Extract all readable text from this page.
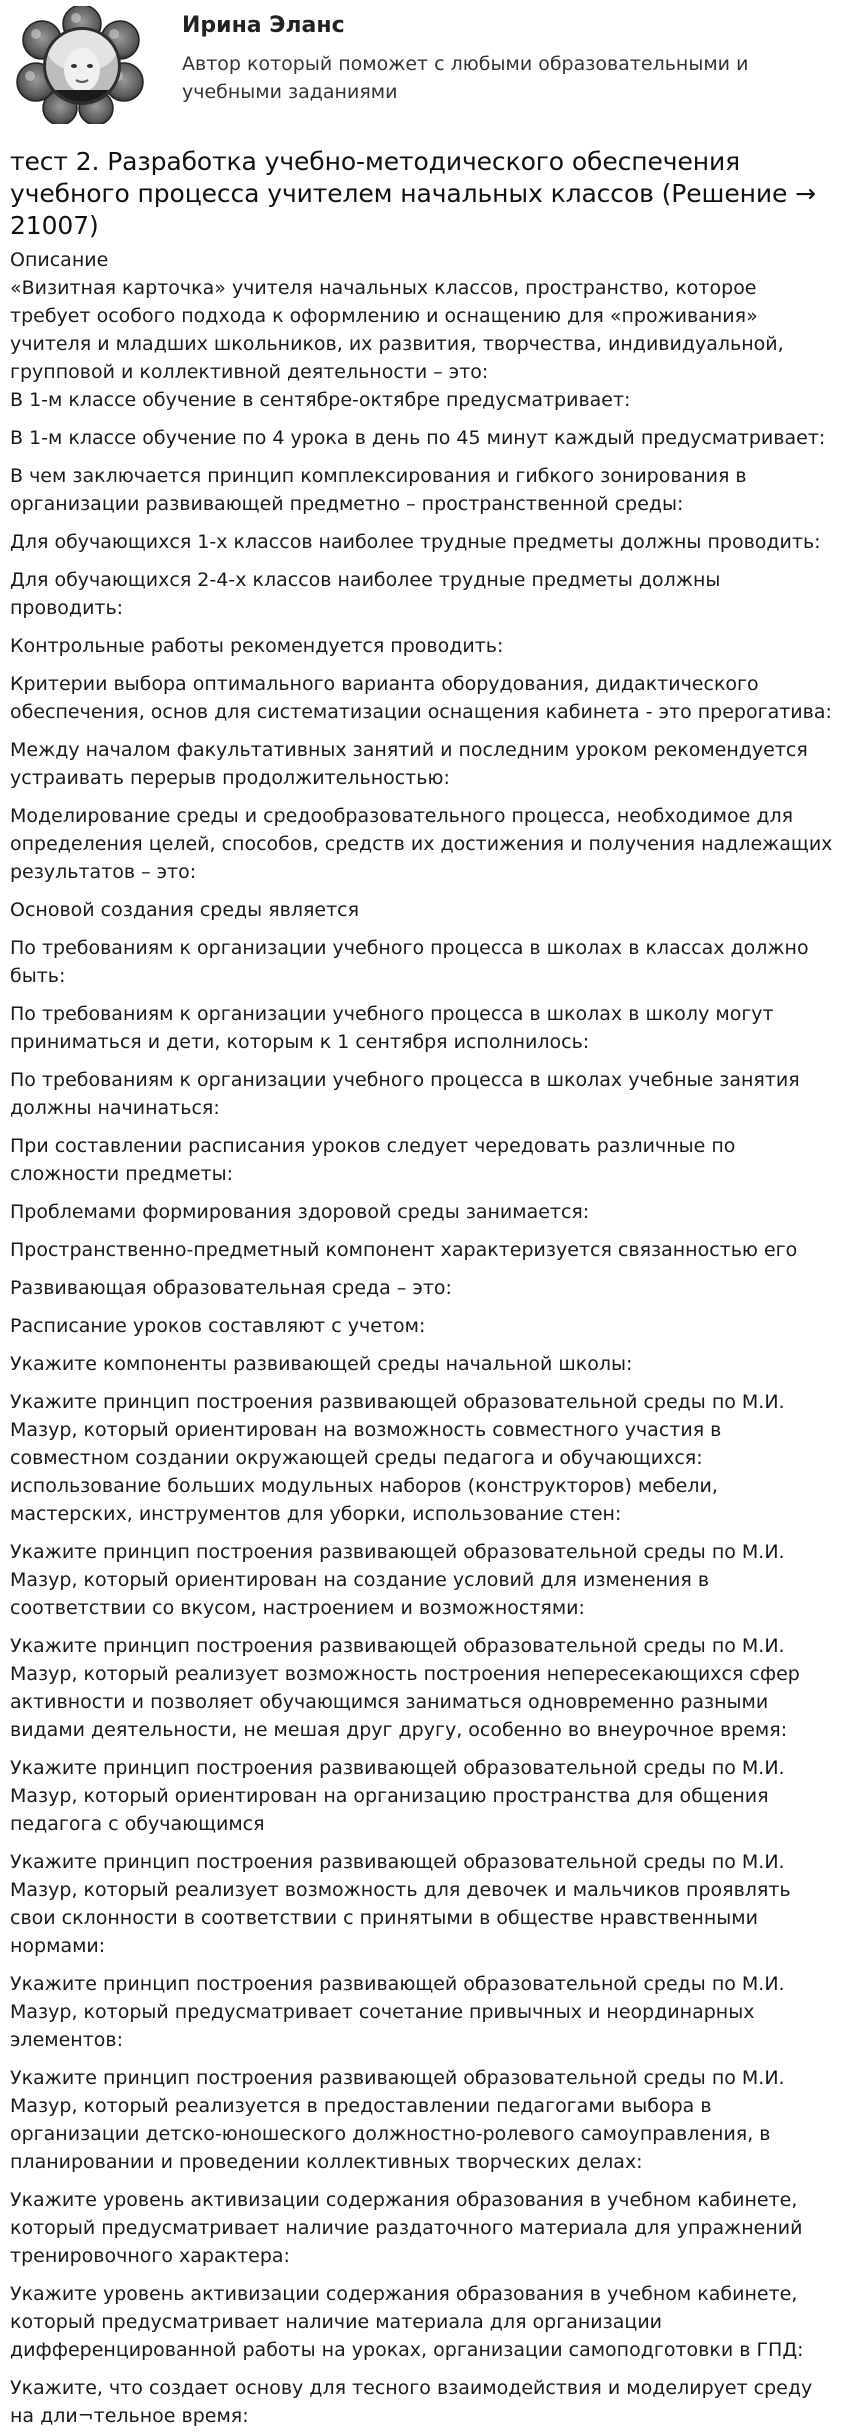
Ирина Эланс
Автор который поможет с любыми образовательными и учебными заданиями
тест 2. Разработка учебно-методического обеспечения учебного процесса учителем начальных классов (Решение → 21007)
Описание

«Визитная карточка» учителя начальных классов, пространство, которое требует особого подхода к оформлению и оснащению для «проживания» учителя и младших школьников, их развития, творчества, индивидуальной, групповой и коллективной деятельности – это:

В 1-м классе обучение в сентябре-октябре предусматривает:

В 1-м классе обучение по 4 урока в день по 45 минут каждый предусматривает:

В чем заключается принцип комплексирования и гибкого зонирования в организации развивающей предметно – пространственной среды:

Для обучающихся 1-х классов наиболее трудные предметы должны проводить:

Для обучающихся 2-4-х классов наиболее трудные предметы должны проводить:

Контрольные работы рекомендуется проводить:

Критерии выбора оптимального варианта оборудования, дидактического обеспечения, основ для систематизации оснащения кабинета - это прерогатива:

Между началом факультативных занятий и последним уроком рекомендуется устраивать перерыв продолжительностью:

Моделирование среды и средообразовательного процесса, необходимое для определения целей, способов, средств их достижения и получения надлежащих результатов – это:

Основой создания среды является

По требованиям к организации учебного процесса в школах в классах должно быть:

По требованиям к организации учебного процесса в школах в школу могут приниматься и дети, которым к 1 сентября исполнилось:

По требованиям к организации учебного процесса в школах учебные занятия должны начинаться:

При составлении расписания уроков следует чередовать различные по сложности предметы:

Проблемами формирования здоровой среды занимается:

Пространственно-предметный компонент характеризуется связанностью его

Развивающая образовательная среда – это:

Расписание уроков составляют с учетом:

Укажите компоненты развивающей среды начальной школы:

Укажите принцип построения развивающей образовательной среды по М.И. Мазур, который ориентирован на возможность совместного участия в совместном создании окружающей среды педагога и обучающихся: использование больших модульных наборов (конструкторов) мебели, мастерских, инструментов для уборки, использование стен:

Укажите принцип построения развивающей образовательной среды по М.И. Мазур, который ориентирован на создание условий для изменения в соответствии со вкусом, настроением и возможностями:

Укажите принцип построения развивающей образовательной среды по М.И. Мазур, который реализует возможность построения непересекающихся сфер активности и позволяет обучающимся заниматься одновременно разными видами деятельности, не мешая друг другу, особенно во внеурочное время:

Укажите принцип построения развивающей образовательной среды по М.И. Мазур, который ориентирован на организацию пространства для общения педагога с обучающимся

Укажите принцип построения развивающей образовательной среды по М.И. Мазур, который реализует возможность для девочек и мальчиков проявлять свои склонности в соответствии с принятыми в обществе нравственными нормами:

Укажите принцип построения развивающей образовательной среды по М.И. Мазур, который предусматривает сочетание привычных и неординарных элементов:

Укажите принцип построения развивающей образовательной среды по М.И. Мазур, который реализуется в предоставлении педагогами выбора в организации детско-юношеского должностно-ролевого самоуправления, в планировании и проведении коллективных творческих делах:

Укажите уровень активизации содержания образования в учебном кабинете, который предусматривает наличие раздаточного материала для упражнений тренировочного характера:

Укажите уровень активизации содержания образования в учебном кабинете, который предусматривает наличие материала для организации дифференцированной работы на уроках, организации самоподготовки в ГПД:

Укажите, что создает основу для тесного взаимодействия и моделирует среду на дли¬тельное время:
